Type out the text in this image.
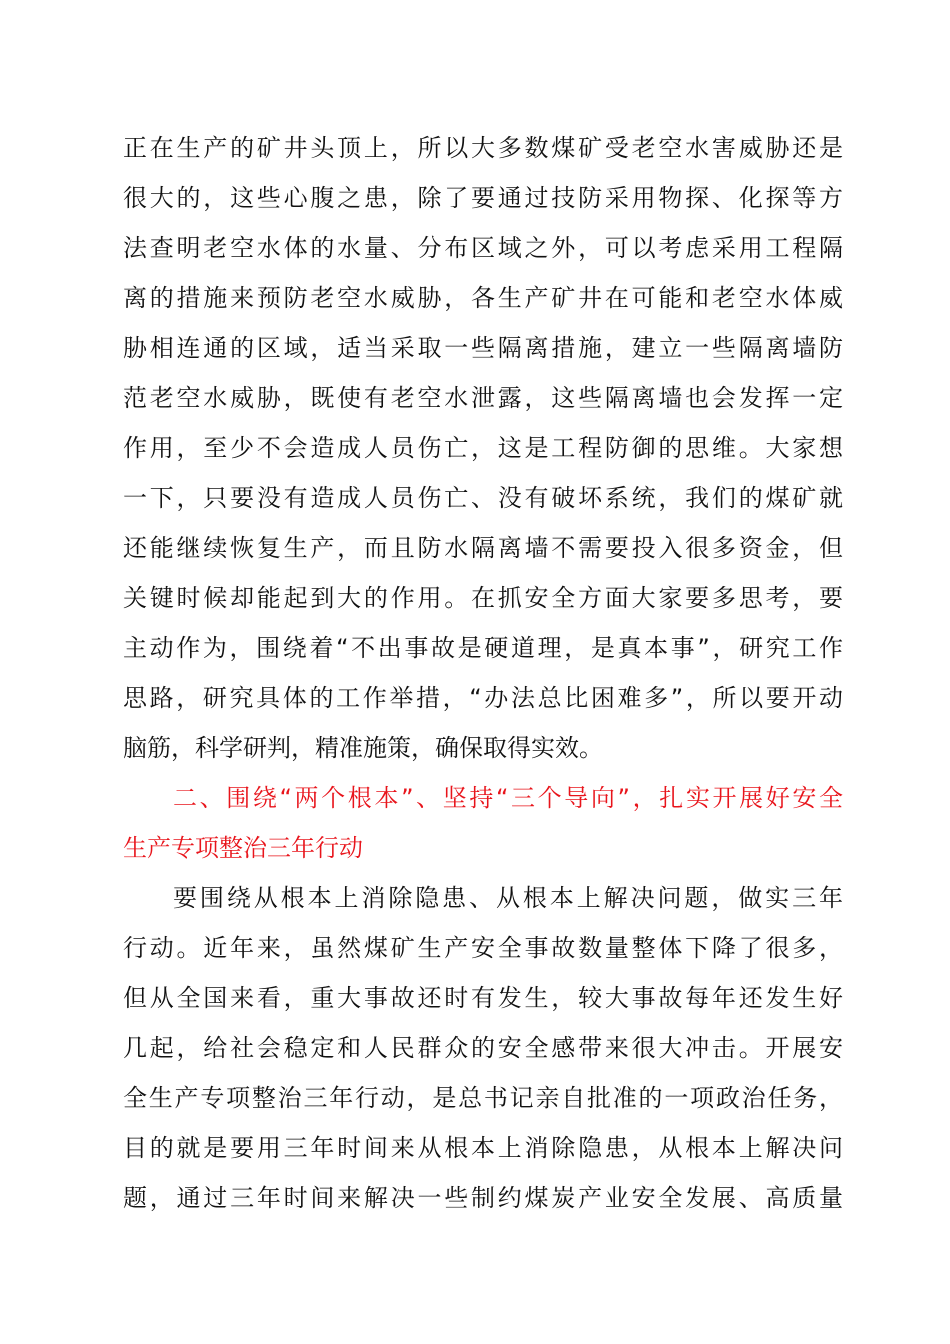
正在生产的矿井头顶上，所以大多数煤矿受老空水害威胁还是
很大的，这些心腹之患，除了要通过技防采用物探、化探等方
法查明老空水体的水量、分布区域之外，可以考虑采用工程隔
离的措施来预防老空水威胁，各生产矿井在可能和老空水体威
胁相连通的区域，适当采取一些隔离措施，建立一些隔离墙防
范老空水威胁，既使有老空水泄露，这些隔离墙也会发挥一定
作用，至少不会造成人员伤亡，这是工程防御的思维。大家想
一下，只要没有造成人员伤亡、没有破坏系统，我们的煤矿就
还能继续恢复生产，而且防水隔离墙不需要投入很多资金，但
关键时候却能起到大的作用。在抓安全方面大家要多思考，要
主动作为，围绕着“不出事故是硬道理，是真本事”，研究工作
思路，研究具体的工作举措，“办法总比困难多”，所以要开动
脑筋，科学研判，精准施策，确保取得实效。
二、围绕“两个根本”、坚持“三个导向”，扎实开展好安全
生产专项整治三年行动
要围绕从根本上消除隐患、从根本上解决问题，做实三年
行动。近年来，虽然煤矿生产安全事故数量整体下降了很多，
但从全国来看，重大事故还时有发生，较大事故每年还发生好
几起，给社会稳定和人民群众的安全感带来很大冲击。开展安
全生产专项整治三年行动，是总书记亲自批准的一项政治任务，
目的就是要用三年时间来从根本上消除隐患，从根本上解决问
题，通过三年时间来解决一些制约煤炭产业安全发展、高质量
